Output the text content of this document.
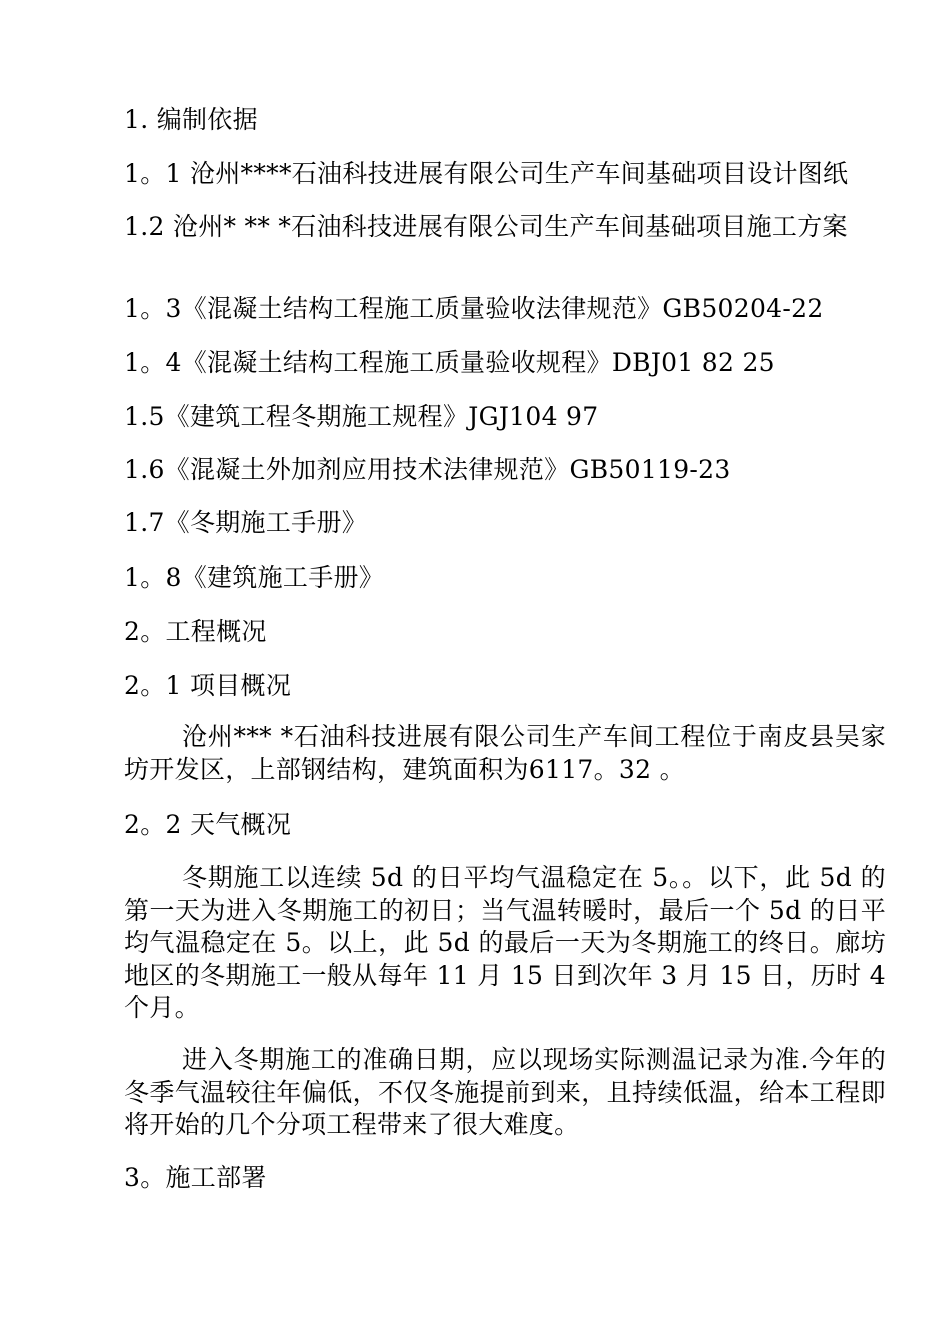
1. 编制依据
1。1 沧州****石油科技进展有限公司生产车间基础项目设计图纸
1.2 沧州* ** *石油科技进展有限公司生产车间基础项目施工方案
1。3《混凝土结构工程施工质量验收法律规范》GB50204-22
1。4《混凝土结构工程施工质量验收规程》DBJ01 82 25
1.5《建筑工程冬期施工规程》JGJ104 97
1.6《混凝土外加剂应用技术法律规范》GB50119-23
1.7《冬期施工手册》
1。8《建筑施工手册》
2。工程概况
2。1 项目概况
沧州*** *石油科技进展有限公司生产车间工程位于南皮县吴家坊开发区，上部钢结构，建筑面积为6117。32 。
2。2 天气概况
冬期施工以连续 5d 的日平均气温稳定在 5。。以下，此 5d 的第一天为进入冬期施工的初日；当气温转暖时，最后一个 5d 的日平均气温稳定在 5。以上，此 5d 的最后一天为冬期施工的终日。廊坊地区的冬期施工一般从每年 11 月 15 日到次年 3 月 15 日，历时 4 个月。
进入冬期施工的准确日期，应以现场实际测温记录为准.今年的冬季气温较往年偏低，不仅冬施提前到来，且持续低温，给本工程即将开始的几个分项工程带来了很大难度。
3。施工部署
